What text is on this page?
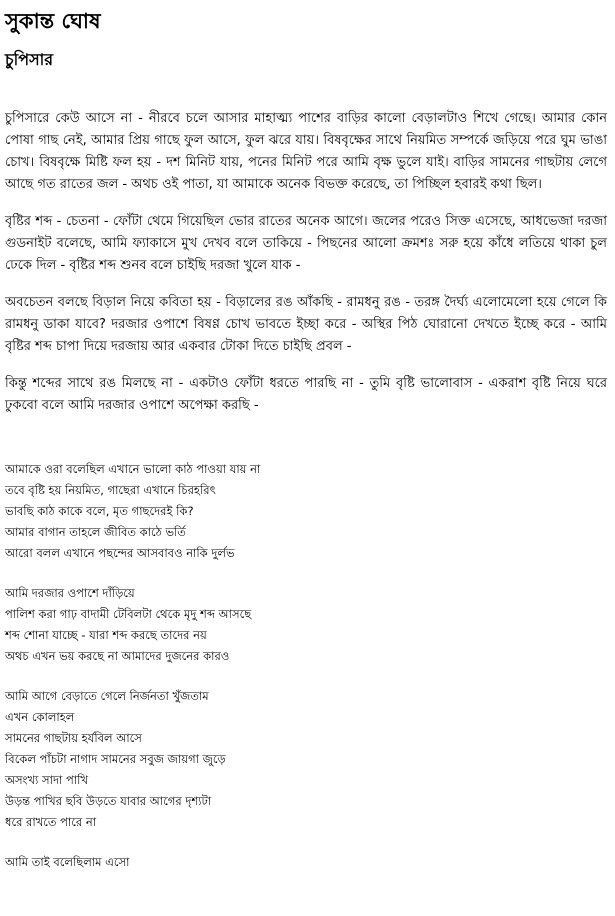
সুকান্ত ঘোষ
চুপিসার

চুপিসারে কেউ আসে না - নীরবে চলে আসার মাহাত্ম্য পাশের বাড়ির কালো বেড়ালটাও শিখে গেছে। আমার কোন পোষা গাছ নেই, আমার প্রিয় গাছে ফুল আসে, ফুল ঝরে যায়। বিষবৃক্ষের সাথে নিয়মিত সম্পর্কে জড়িয়ে পরে ঘুম ভাঙা চোখ। বিষবৃক্ষে মিষ্টি ফল হয় - দশ মিনিট যায়, পনের মিনিট পরে আমি বৃক্ষ ভুলে যাই। বাড়ির সামনের গাছটায় লেগে আছে গত রাতের জল - অথচ ওই পাতা, যা আমাকে অনেক বিভক্ত করেছে, তা পিচ্ছিল হবারই কথা ছিল।

বৃষ্টির শব্দ - চেতনা - ফোঁটা থেমে গিয়েছিল ভোর রাতের অনেক আগে। জলের পরেও সিক্ত এসেছে, আধভেজা দরজা গুডনাইট বলেছে, আমি ফ্যাকাসে মুখ দেখব বলে তাকিয়ে - পিছনের আলো ক্রমশঃ সরু হয়ে কাঁধে লতিয়ে থাকা চুল ঢেকে দিল - বৃষ্টির শব্দ শুনব বলে চাইছি দরজা খুলে যাক -

অবচেতন বলছে বিড়াল নিয়ে কবিতা হয় - বিড়ালের রঙ আঁকছি - রামধনু রঙ - তরঙ্গ দৈর্ঘ্য এলোমেলো হয়ে গেলে কি রামধনু ডাকা যাবে? দরজার ওপাশে বিষণ্ণ চোখ ভাবতে ইচ্ছা করে - অস্থির পিঠ ঘোরানো দেখতে ইচ্ছে করে - আমি বৃষ্টির শব্দ চাপা দিয়ে দরজায় আর একবার টোকা দিতে চাইছি প্রবল -

কিন্তু শব্দের সাথে রঙ মিলছে না - একটাও ফোঁটা ধরতে পারছি না - তুমি বৃষ্টি ভালোবাস - একরাশ বৃষ্টি নিয়ে ঘরে ঢুকবো বলে আমি দরজার ওপাশে অপেক্ষা করছি -

আমাকে ওরা বলেছিল এখানে ভালো কাঠ পাওয়া যায় না
তবে বৃষ্টি হয় নিয়মিত, গাছেরা এখানে চিরহরিৎ
ভাবছি কাঠ কাকে বলে, মৃত গাছদেরই কি?
আমার বাগান তাহলে জীবিত কাঠে ভর্তি
আরো বলল এখানে পছন্দের আসবাবও নাকি দুর্লভ
আমি দরজার ওপাশে দাঁড়িয়ে
পালিশ করা গাঢ় বাদামী টেবিলটা থেকে মৃদু শব্দ আসছে
শব্দ শোনা যাচ্ছে - যারা শব্দ করছে তাদের নয়
অথচ এখন ভয় করছে না আমাদের দুজনের কারও
আমি আগে বেড়াতে গেলে নির্জনতা খুঁজতাম
এখন কোলাহল
সামনের গাছটায় হর্যবিল আসে
বিকেল পাঁচটা নাগাদ সামনের সবুজ জায়গা জুড়ে
অসংখ্য সাদা পাখি
উড়ন্ত পাখির ছবি উড়তে যাবার আগের দৃশ্যটা
ধরে রাখতে পারে না
আমি তাই বলেছিলাম এসো
